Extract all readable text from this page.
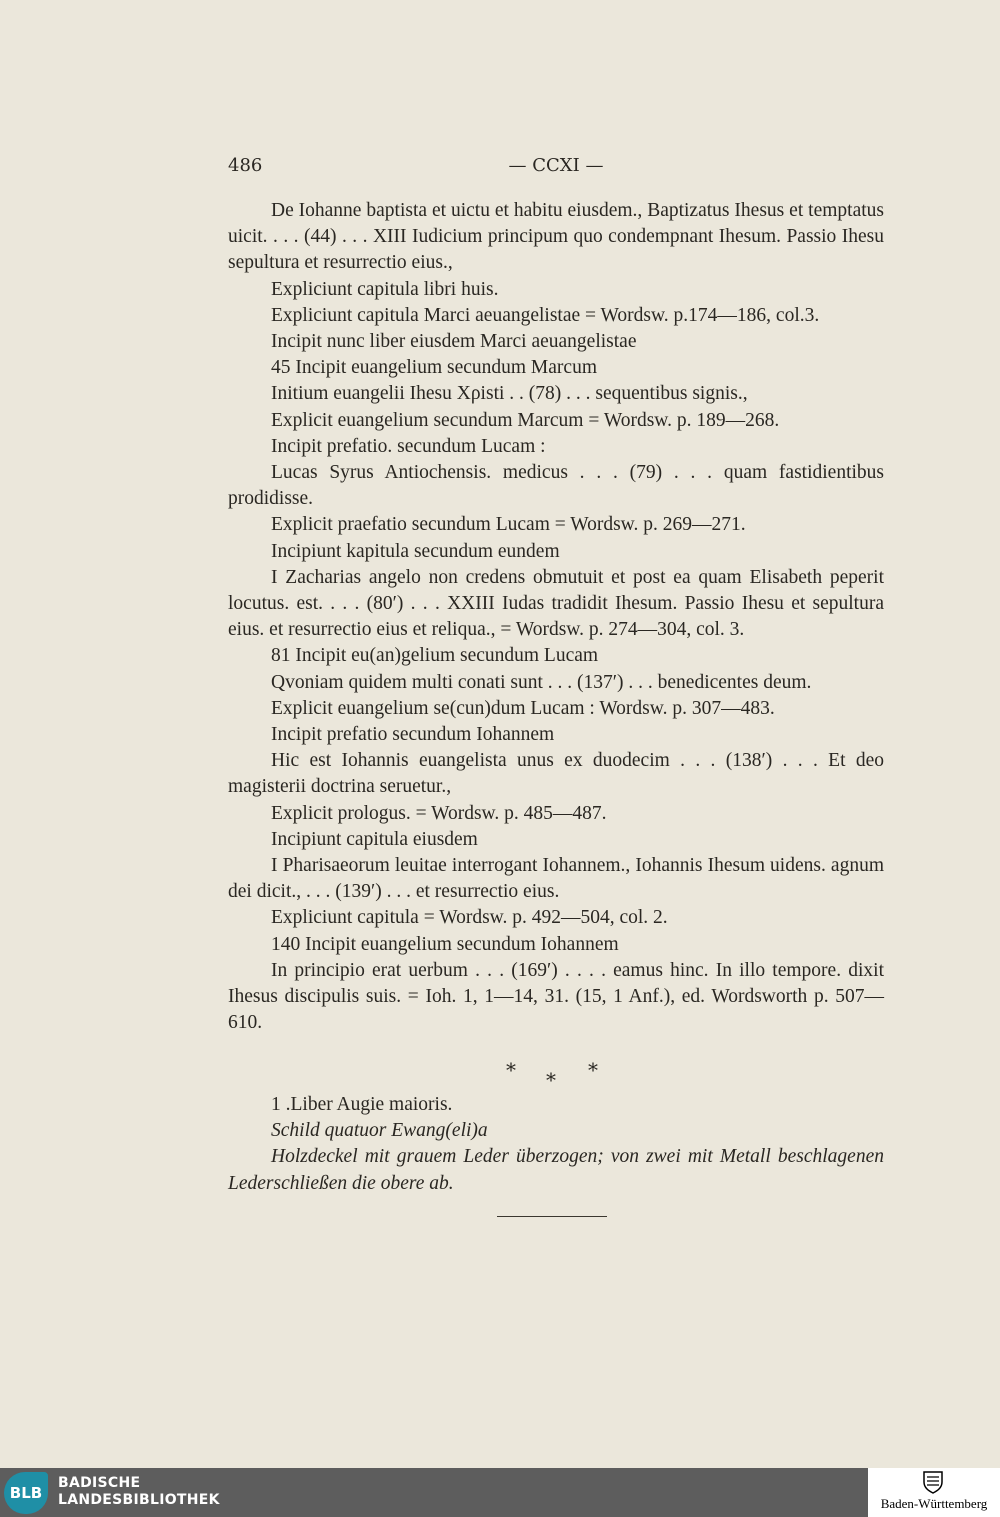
486	— CCXI —

De Iohanne baptista et uictu et habitu eiusdem., Baptizatus Ihesus et temptatus uicit. . . . (44) . . . XIII Iudicium principum quo condempnant Ihesum. Passio Ihesu sepultura et resurrectio eius.,

Expliciunt capitula libri huis.

Expliciunt capitula Marci aeuangelistae = Wordsw. p.174—186, col.3.

Incipit nunc liber eiusdem Marci aeuangelistae

45 Incipit euangelium secundum Marcum

Initium euangelii Ihesu Χρisti . . (78) . . . sequentibus signis.,

Explicit euangelium secundum Marcum = Wordsw. p. 189—268.

Incipit prefatio. secundum Lucam :

Lucas Syrus Antiochensis. medicus . . . (79) . . . quam fastidientibus prodidisse.

Explicit praefatio secundum Lucam = Wordsw. p. 269—271.

Incipiunt kapitula secundum eundem

I Zacharias angelo non credens obmutuit et post ea quam Elisabeth peperit locutus. est. . . . (80′) . . . XXIII Iudas tradidit Ihesum. Passio Ihesu et sepultura eius. et resurrectio eius et reliqua., = Wordsw. p. 274—304, col. 3.

81 Incipit eu(an)gelium secundum Lucam

Qvoniam quidem multi conati sunt . . . (137′) . . . benedicentes deum.

Explicit euangelium se(cun)dum Lucam : Wordsw. p. 307—483.

Incipit prefatio secundum Iohannem

Hic est Iohannis euangelista unus ex duodecim . . . (138′) . . . Et deo magisterii doctrina seruetur.,

Explicit prologus. = Wordsw. p. 485—487.

Incipiunt capitula eiusdem

I Pharisaeorum leuitae interrogant Iohannem., Iohannis Ihesum uidens. agnum dei dicit., . . . (139′) . . . et resurrectio eius.

Expliciunt capitula = Wordsw. p. 492—504, col. 2.

140 Incipit euangelium secundum Iohannem

In principio erat uerbum . . . (169′) . . . . eamus hinc. In illo tempore. dixit Ihesus discipulis suis. = Ioh. 1, 1—14, 31. (15, 1 Anf.), ed. Wordsworth p. 507—610.

* * *

1 .Liber Augie maioris.

Schild quatuor Ewang(eli)a

Holzdeckel mit grauem Leder überzogen; von zwei mit Metall beschlagenen Lederschließen die obere ab.

BLB
BADISCHE
LANDESBIBLIOTHEK	Baden-Württemberg
